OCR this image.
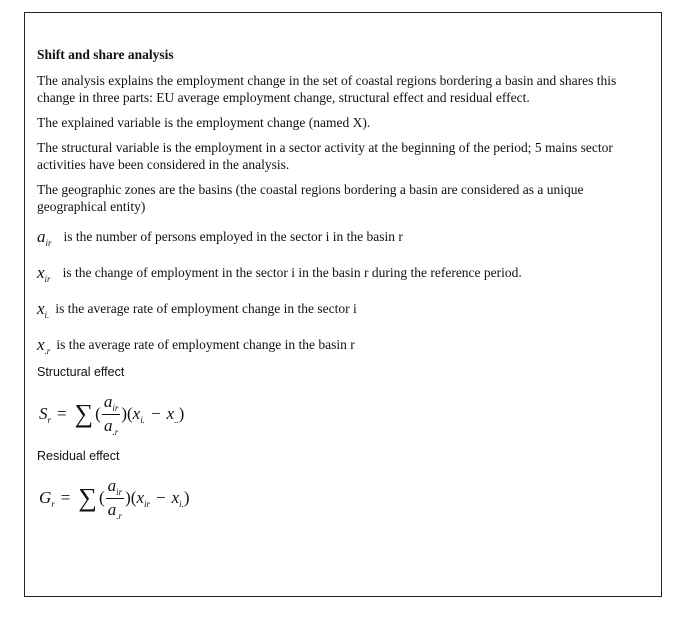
Shift and share analysis

The analysis explains the employment change in the set of coastal regions bordering a basin and shares this change in three parts: EU average employment change, structural effect and residual effect.

The explained variable is the employment change (named X).

The structural variable is the employment in a sector activity at the beginning of the period; 5 mains sector activities have been considered in the analysis.

The geographic zones are the basins (the coastal regions bordering a basin are considered as a unique geographical entity)

$a_{ir}$ is the number of persons employed in the sector i in the basin r
$x_{ir}$ is the change of employment in the sector i in the basin r during the reference period.
$x_{i.}$ is the average rate of employment change in the sector i
$x_{.r}$ is the average rate of employment change in the basin r
Structural effect
$S_r$ = ∑ ( $\frac{a_{ir}}{a_{.r}}$ )( $x_{i.} - x_{..}$ )
Residual effect
$G_r$ = ∑ ( $\frac{a_{ir}}{a_{.r}}$ )( $x_{ir} - x_{i.}$ )
